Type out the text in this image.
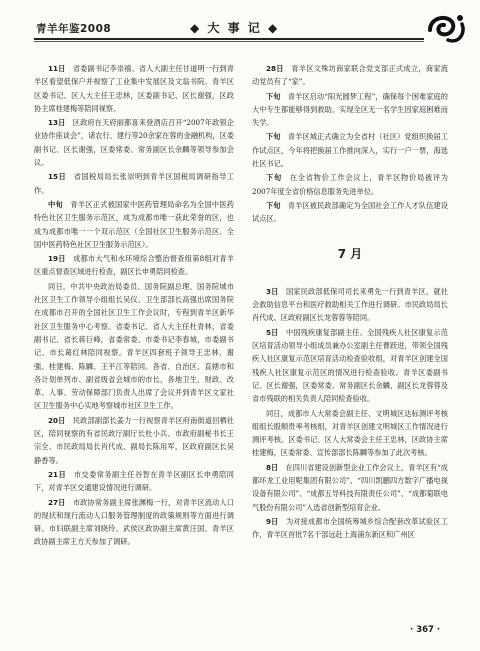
青羊年鉴2008	◆ 大 事 记 ◆

11日　 省委副书记李崇禧、省人大副主任甘道明一行到青羊区看望低保户并视察了工业集中发展区及文翁书院。青羊区区委书记、区人大主任王忠林，区委副书记、区长谢强，区政协主席桂建梅等陪同视察。

13日　 区政府在天府丽都喜来登酒店召开“2007年政银企业协作座谈会”，诸农行、建行等20余家在蓉的金融机构，区委副书记、区长谢强，区委常委、常务副区长余麟等领导参加会议。

15日　 省国税局局长张崇明到青羊区国税局调研指导工作。

中旬　 青羊区正式被国家中医药管理局命名为全国中医药特色社区卫生服务示范区，成为成都市唯一获此荣誉的区，也成为成都市唯一一个双示范区（全国社区卫生服务示范区、全国中医药特色社区卫生服务示范区）。

19日　 成都市大气和水环境综合整治督查组第8组对青羊区重点督查区域进行检查，副区长申勇陪同检查。

同日，中共中央政治局委员、国务院副总理、国务院城市社区卫生工作领导小组组长吴仪、卫生部部长高强出席国务院在成都市召开的全国社区卫生工作会议时，专程到青羊区新华社区卫生服务中心考察。省委书记、省人大主任杜青林，省委副书记、省长蒋巨峰，省委常委、市委书记李春城，市委副书记、市长葛红林陪同视察。青羊区四套班子领导王忠林、谢强、桂建梅、陈麟、王平江等陪同。各省、自治区、直辖市和各计划单列市、副省级省会城市的市长，各地卫生、财政、改革、人事、劳动保障部门负责人出席了会议并到青羊区文家社区卫生服务中心实地考察城市社区卫生工作。

20日　 民政部副部长姜力一行视察青羊区府南街道回栖社区，陪同视察的有省民政厅副厅长杜小兵、市政府副秘书长王宗全、市民政局局长肖代成、副局长陈用军，区政府副区长吴静香等。

21日　 市交委常务副主任谷智在青羊区副区长申勇陪同下，对青羊区交通建设情况进行调研。

27日　 市政协常务副主席张渊梅一行，对青羊区流动人口的现状和现行流动人口服务管理制度的政策规则等方面进行调研。市妇联副主席刘晓玲、武侯区政协副主席黄汪国、青羊区政协副主席王方天参加了调研。

28日　 青羊区文殊坊商家联合党支部正式成立，商家流动党员有了“家”。

下旬　 青羊区启动“阳光圆梦工程”，确保每个困难家庭的大中专生都能够得到救助。实现全区无一名学生因家庭困难而失学。

下旬　 青羊区城正式确立为全省村（社区）党组织换届工作试点区，今年将把换届工作推向深入，实行一户一票，海选社区书记。

下旬　 在全省物价工作会议上，青羊区物价局被评为2007年度全省价格信息服务先进单位。

下旬　 青羊区被民政部确定为全国社会工作人才队伍建设试点区。

7 月

3日　 国家民政部低保司司长来勇先一行到青羊区，就社会救助信息平台和医疗救助相关工作进行调研。市民政局局长肖代成、区政府副区长龙蓉蓉等陪同。

5日　 中国残疾康复部副主任、全国残疾人社区康复示范区培育活动领导小组成员兼办公室副主任曹跃进，带领全国残疾人社区康复示范区培育活动检查验收组，对青羊区创建全国残疾人社区康复示范区的情况进行检查验收。青羊区委副书记、区长谢强，区委常委、常务副区长余麟，副区长龙蓉蓉及省市残联的相关负责人陪同检查验收。

同日，成都市人大常委会副主任、文明城区达标测评考核组组长殷顺贵率考核组，对青羊区创建文明城区工作情况进行测评考核。区委书记、区人大常委会主任王忠林，区政协主席桂建梅，区委常委、宣传部部长陈麟等参加了此次考核。

8日　 在四川省建设创新型企业工作会议上，青羊区有“成都环龙工业用呢集团有限公司”、“四川凯鹏四方数字广播电视设备有限公司”、“成都五导科技有限责任公司”、“成都菊联电气股份有限公司”入选省创新型培育企业。

9日　 为对接成都市全国统筹城乡综合配套改革试验区工作，青羊区首批7名干部远赴上海浦东新区和广州区

· 367 ·
